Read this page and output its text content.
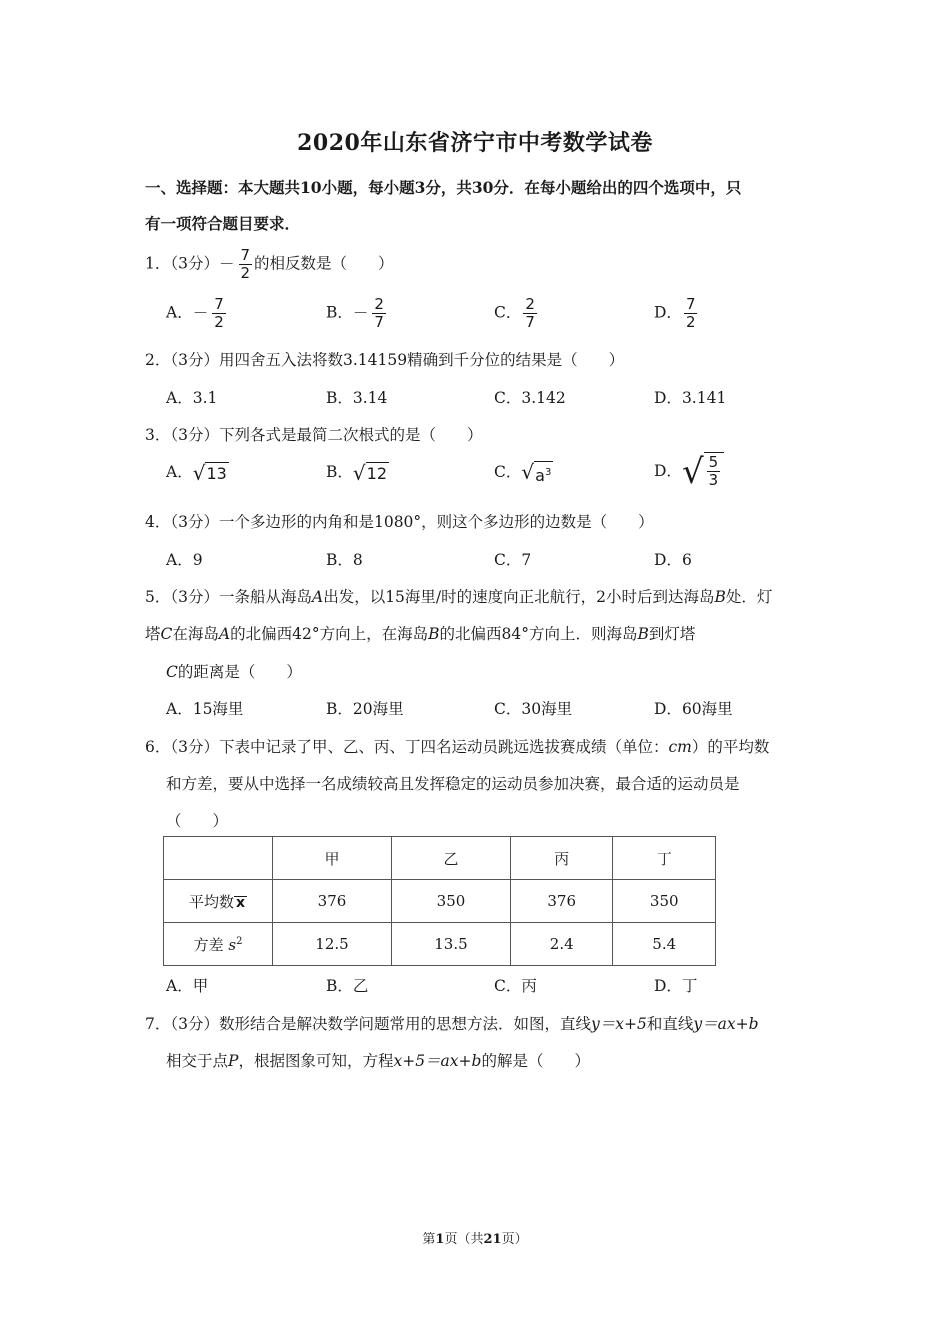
2020年山东省济宁市中考数学试卷
一、选择题：本大题共10小题，每小题3分，共30分．在每小题给出的四个选项中，只
有一项符合题目要求．
1．（3分）－ $\frac{7}{2}$ 的相反数是（　　）
A．－ $\frac{7}{2}$	B．－ $\frac{2}{7}$	C． $\frac{2}{7}$	D． $\frac{7}{2}$
2．（3分）用四舍五入法将数3.14159精确到千分位的结果是（　　）
A．3.1	B．3.14	C．3.142	D．3.141
3．（3分）下列各式是最简二次根式的是（　　）
A． √ 13	B． √ 12	C． √ $a^3$	D． √ $\frac{5}{3}$
4．（3分）一个多边形的内角和是1080°，则这个多边形的边数是（　　）
A．9	B．8	C．7	D．6
5．（3分）一条船从海岛A出发，以15海里/时的速度向正北航行，2小时后到达海岛B处．灯
塔C在海岛A的北偏西42°方向上，在海岛B的北偏西84°方向上．则海岛B到灯塔
C的距离是（　　）
A．15海里	B．20海里	C．30海里	D．60海里
6．（3分）下表中记录了甲、乙、丙、丁四名运动员跳远选拔赛成绩（单位：cm）的平均数
和方差，要从中选择一名成绩较高且发挥稳定的运动员参加决赛，最合适的运动员是
（　　）
	甲	乙	丙	丁
平均数 x	376	350	376	350
方差 $s^2$	12.5	13.5	2.4	5.4
A．甲	B．乙	C．丙	D．丁
7．（3分）数形结合是解决数学问题常用的思想方法．如图，直线y＝x+5和直线y＝ax+b
相交于点P，根据图象可知，方程x+5＝ax+b的解是（　　）
第1页（共21页）
